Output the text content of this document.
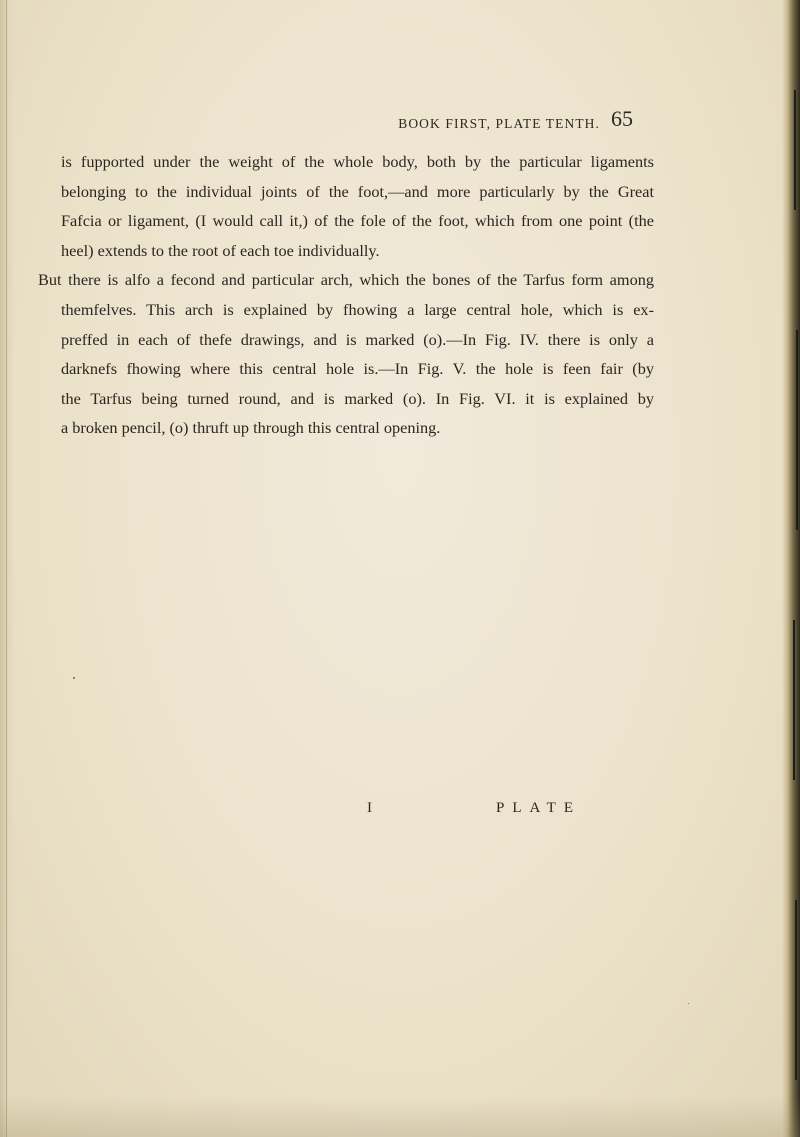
BOOK FIRST, PLATE TENTH. 65
is fupported under the weight of the whole body, both by the particular ligaments
belonging to the individual joints of the foot,—and more particularly by the Great
Fafcia or ligament, (I would call it,) of the fole of the foot, which from one point (the
heel) extends to the root of each toe individually.
But there is alfo a fecond and particular arch, which the bones of the Tarfus form among
themfelves. This arch is explained by fhowing a large central hole, which is ex-
preffed in each of thefe drawings, and is marked (o).—In Fig. IV. there is only a
darknefs fhowing where this central hole is.—In Fig. V. the hole is feen fair (by
the Tarfus being turned round, and is marked (o). In Fig. VI. it is explained by
a broken pencil, (o) thruft up through this central opening.
I	PLATE
